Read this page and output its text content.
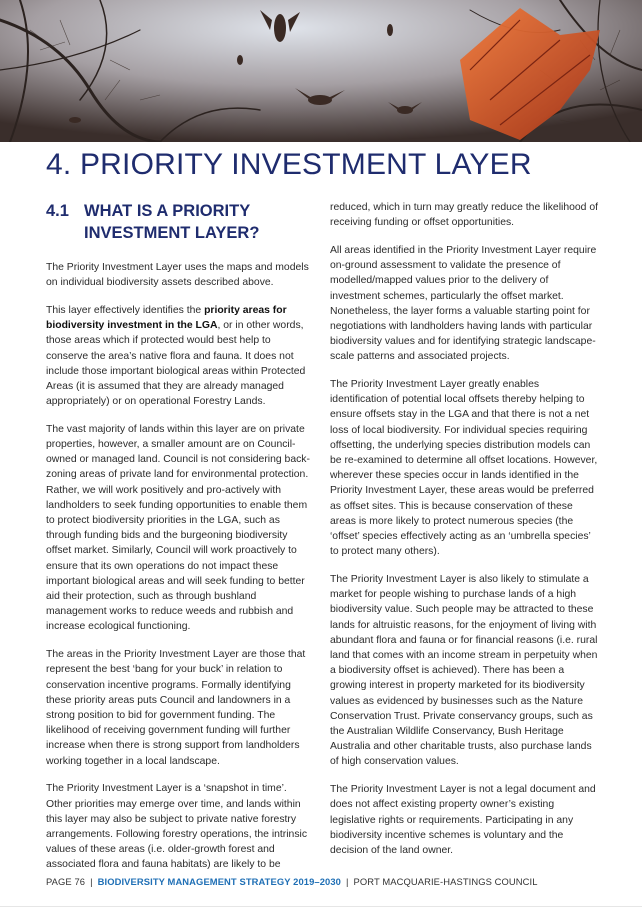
4. PRIORITY INVESTMENT LAYER
4.1 WHAT IS A PRIORITY INVESTMENT LAYER?

The Priority Investment Layer uses the maps and models on individual biodiversity assets described above.

This layer effectively identifies the priority areas for biodiversity investment in the LGA, or in other words, those areas which if protected would best help to conserve the area’s native flora and fauna. It does not include those important biological areas within Protected Areas (it is assumed that they are already managed appropriately) or on operational Forestry Lands.

The vast majority of lands within this layer are on private properties, however, a smaller amount are on Council-owned or managed land. Council is not considering back-zoning areas of private land for environmental protection. Rather, we will work positively and pro-actively with landholders to seek funding opportunities to enable them to protect biodiversity priorities in the LGA, such as through funding bids and the burgeoning biodiversity offset market. Similarly, Council will work proactively to ensure that its own operations do not impact these important biological areas and will seek funding to better aid their protection, such as through bushland management works to reduce weeds and rubbish and increase ecological functioning.

The areas in the Priority Investment Layer are those that represent the best ‘bang for your buck’ in relation to conservation incentive programs. Formally identifying these priority areas puts Council and landowners in a strong position to bid for government funding. The likelihood of receiving government funding will further increase when there is strong support from landholders working together in a local landscape.

The Priority Investment Layer is a ‘snapshot in time’. Other priorities may emerge over time, and lands within this layer may also be subject to private native forestry arrangements. Following forestry operations, the intrinsic values of these areas (i.e. older-growth forest and associated flora and fauna habitats) are likely to be

reduced, which in turn may greatly reduce the likelihood of receiving funding or offset opportunities.

All areas identified in the Priority Investment Layer require on-ground assessment to validate the presence of modelled/mapped values prior to the delivery of investment schemes, particularly the offset market. Nonetheless, the layer forms a valuable starting point for negotiations with landholders having lands with particular biodiversity values and for identifying strategic landscape-scale patterns and associated projects.

The Priority Investment Layer greatly enables identification of potential local offsets thereby helping to ensure offsets stay in the LGA and that there is not a net loss of local biodiversity. For individual species requiring offsetting, the underlying species distribution models can be re-examined to determine all offset locations. However, wherever these species occur in lands identified in the Priority Investment Layer, these areas would be preferred as offset sites. This is because conservation of these areas is more likely to protect numerous species (the ‘offset’ species effectively acting as an ‘umbrella species’ to protect many others).

The Priority Investment Layer is also likely to stimulate a market for people wishing to purchase lands of a high biodiversity value. Such people may be attracted to these lands for altruistic reasons, for the enjoyment of living with abundant flora and fauna or for financial reasons (i.e. rural land that comes with an income stream in perpetuity when a biodiversity offset is achieved). There has been a growing interest in property marketed for its biodiversity values as evidenced by businesses such as the Nature Conservation Trust. Private conservancy groups, such as the Australian Wildlife Conservancy, Bush Heritage Australia and other charitable trusts, also purchase lands of high conservation values.

The Priority Investment Layer is not a legal document and does not affect existing property owner’s existing legislative rights or requirements. Participating in any biodiversity incentive schemes is voluntary and the decision of the land owner.

PAGE 76 | BIODIVERSITY MANAGEMENT STRATEGY 2019–2030 | PORT MACQUARIE-HASTINGS COUNCIL
